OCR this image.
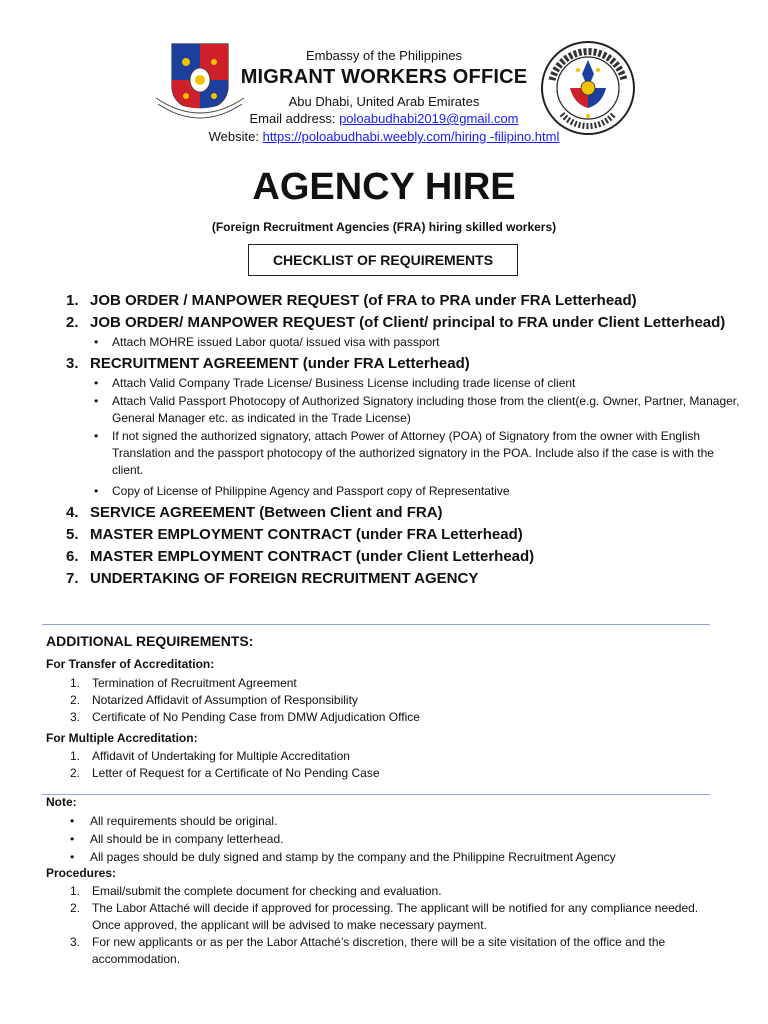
Embassy of the Philippines
MIGRANT WORKERS OFFICE
Abu Dhabi, United Arab Emirates
Email address: poloabudhabi2019@gmail.com
Website: https://poloabudhabi.weebly.com/hiring -filipino.html
AGENCY HIRE
(Foreign Recruitment Agencies (FRA) hiring skilled workers)
CHECKLIST OF REQUIREMENTS
1. JOB ORDER / MANPOWER REQUEST (of FRA to PRA under FRA Letterhead)
2. JOB ORDER/ MANPOWER REQUEST (of Client/ principal to FRA under Client Letterhead)
• Attach MOHRE issued Labor quota/ issued visa with passport
3. RECRUITMENT AGREEMENT (under FRA Letterhead)
• Attach Valid Company Trade License/ Business License including trade license of client
• Attach Valid Passport Photocopy of Authorized Signatory including those from the client(e.g. Owner, Partner, Manager, General Manager etc. as indicated in the Trade License)
• If not signed the authorized signatory, attach Power of Attorney (POA) of Signatory from the owner with English Translation and the passport photocopy of the authorized signatory in the POA. Include also if the case is with the client.
• Copy of License of Philippine Agency and Passport copy of Representative
4. SERVICE AGREEMENT (Between Client and FRA)
5. MASTER EMPLOYMENT CONTRACT (under FRA Letterhead)
6. MASTER EMPLOYMENT CONTRACT (under Client Letterhead)
7. UNDERTAKING OF FOREIGN RECRUITMENT AGENCY
ADDITIONAL REQUIREMENTS:
For Transfer of Accreditation:
1. Termination of Recruitment Agreement
2. Notarized Affidavit of Assumption of Responsibility
3. Certificate of No Pending Case from DMW Adjudication Office
For Multiple Accreditation:
1. Affidavit of Undertaking for Multiple Accreditation
2. Letter of Request for a Certificate of No Pending Case
Note:
• All requirements should be original.
• All should be in company letterhead.
• All pages should be duly signed and stamp by the company and the Philippine Recruitment Agency
Procedures:
1. Email/submit the complete document for checking and evaluation.
2. The Labor Attaché will decide if approved for processing. The applicant will be notified for any compliance needed. Once approved, the applicant will be advised to make necessary payment.
3. For new applicants or as per the Labor Attaché’s discretion, there will be a site visitation of the office and the accommodation.
